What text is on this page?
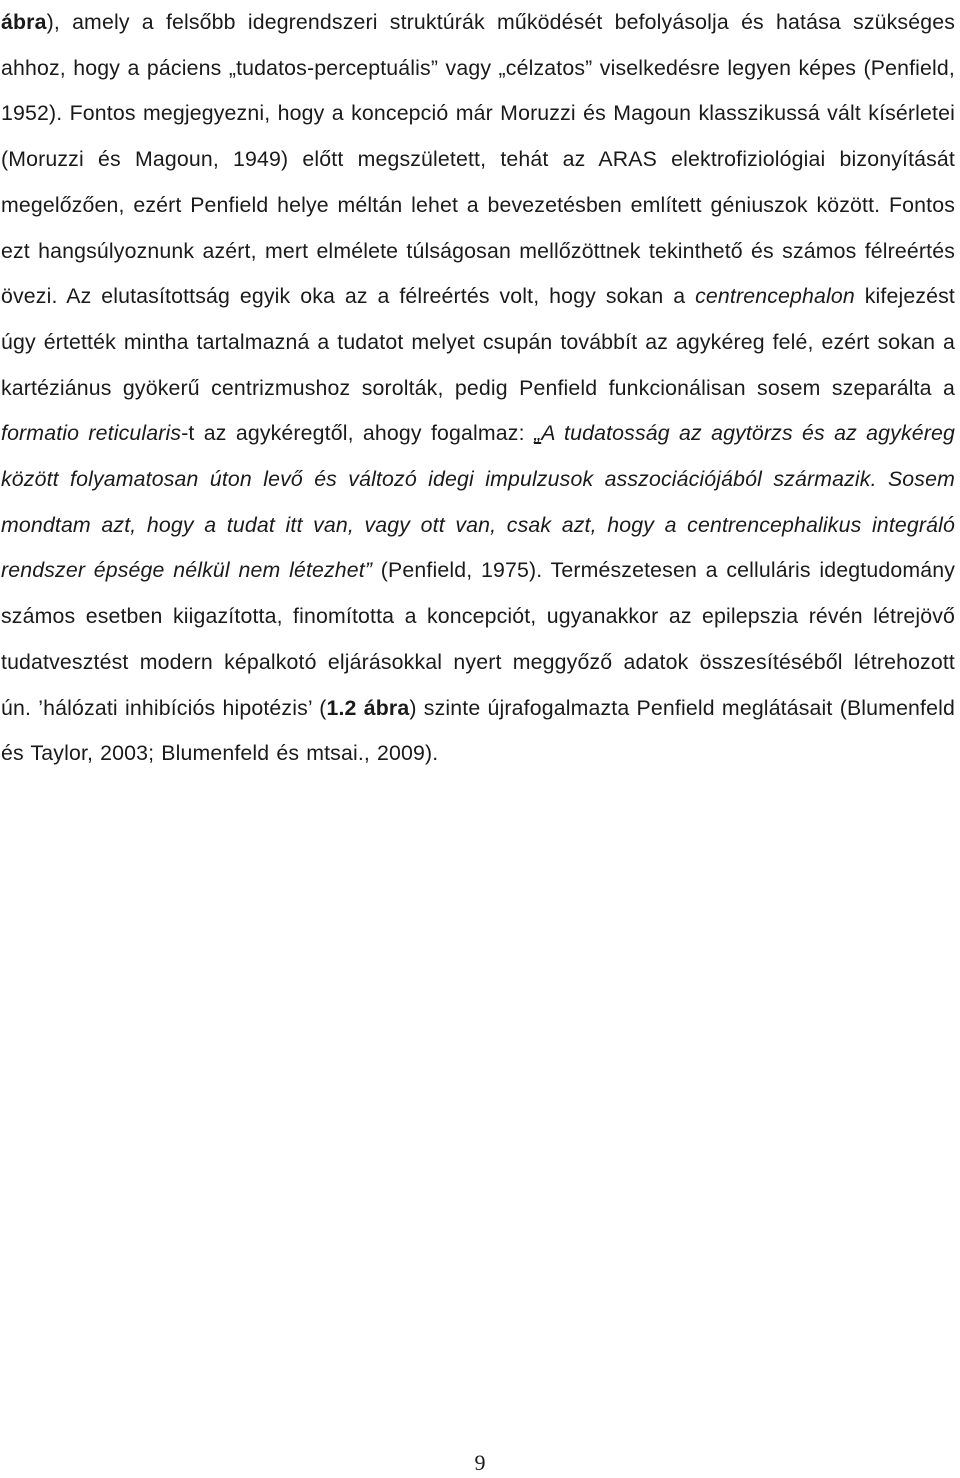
ábra), amely a felsőbb idegrendszeri struktúrák működését befolyásolja és hatása szükséges ahhoz, hogy a páciens „tudatos-perceptuális” vagy „célzatos” viselkedésre legyen képes (Penfield, 1952). Fontos megjegyezni, hogy a koncepció már Moruzzi és Magoun klasszikussá vált kísérletei (Moruzzi és Magoun, 1949) előtt megszületett, tehát az ARAS elektrofiziológiai bizonyítását megelőzően, ezért Penfield helye méltán lehet a bevezetésben említett géniuszok között. Fontos ezt hangsúlyoznunk azért, mert elmélete túlságosan mellőzöttnek tekinthető és számos félreértés övezi. Az elutasítottság egyik oka az a félreértés volt, hogy sokan a centrencephalon kifejezést úgy értették mintha tartalmazná a tudatot melyet csupán továbbít az agykéreg felé, ezért sokan a kartéziánus gyökerű centrizmushoz sorolták, pedig Penfield funkcionálisan sosem szeparálta a formatio reticularis-t az agykéregtől, ahogy fogalmaz: „A tudatosság az agytörzs és az agykéreg között folyamatosan úton levő és változó idegi impulzusok asszociációjából származik. Sosem mondtam azt, hogy a tudat itt van, vagy ott van, csak azt, hogy a centrencephalikus integráló rendszer épsége nélkül nem létezhet” (Penfield, 1975). Természetesen a celluláris idegtudomány számos esetben kiigazította, finomította a koncepciót, ugyanakkor az epilepszia révén létrejövő tudatvesztést modern képalkotó eljárásokkal nyert meggyőző adatok összesítéséből létrehozott ún. ’hálózati inhibíciós hipotézis’ (1.2 ábra) szinte újrafogalmazta Penfield meglátásait (Blumenfeld és Taylor, 2003; Blumenfeld és mtsai., 2009).

9
